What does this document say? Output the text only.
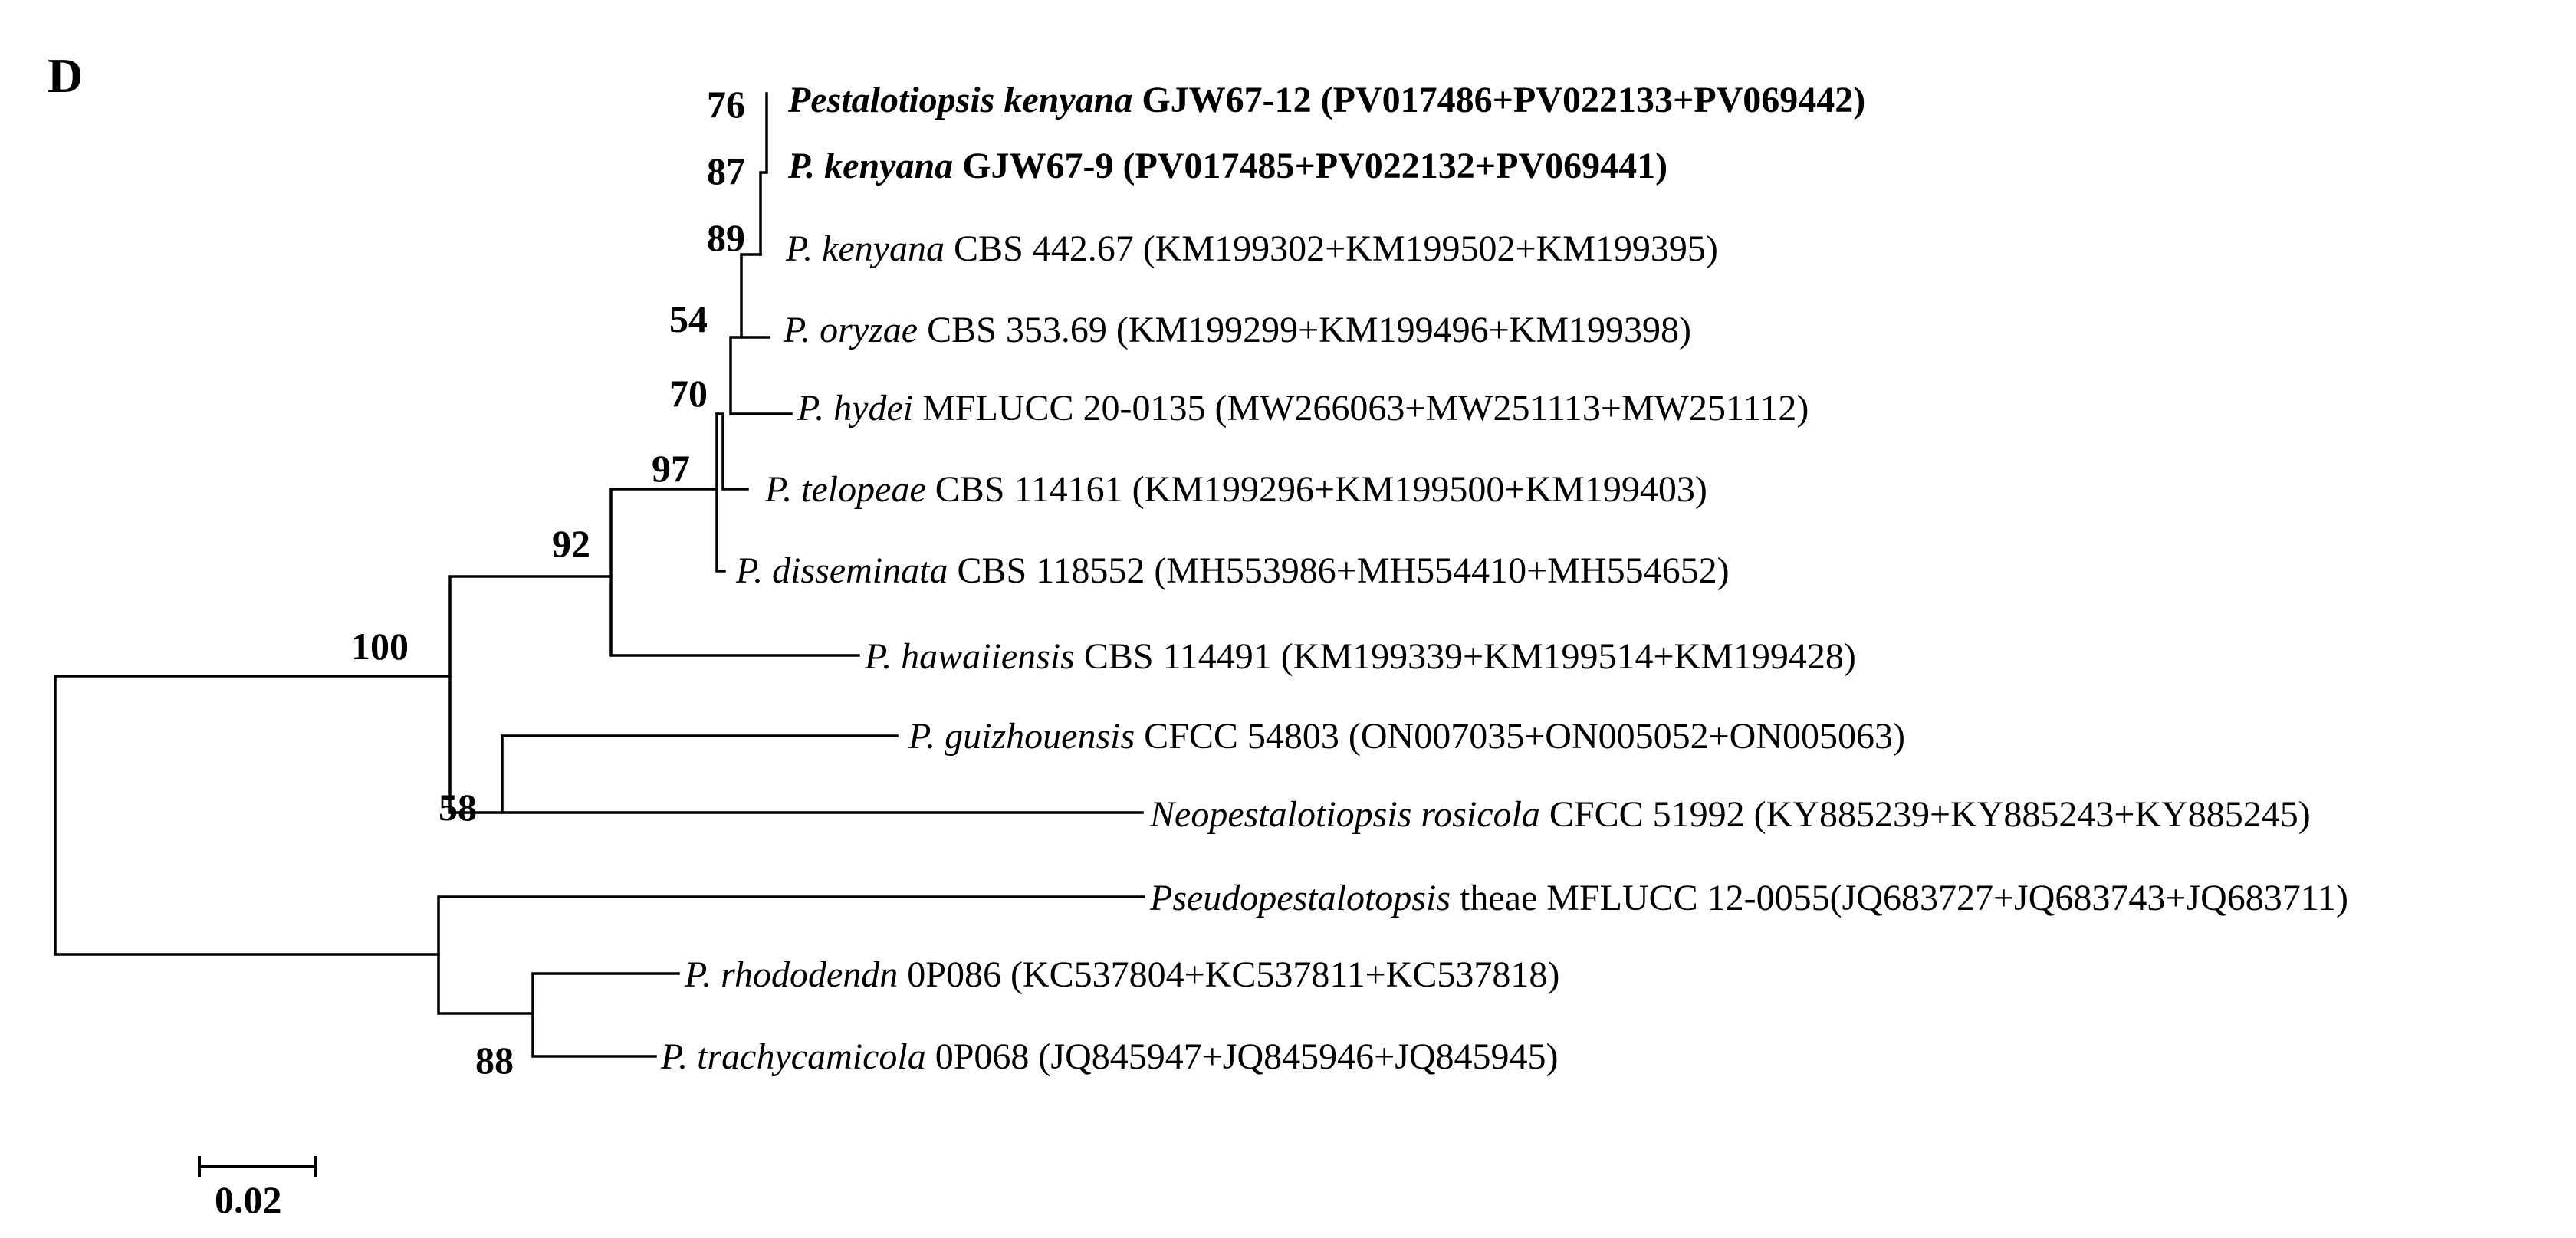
D	Pestalotiopsis kenyana GJW67-12 (PV017486+PV022133+PV069442)
P. kenyana GJW67-9 (PV017485+PV022132+PV069441)
P. kenyana CBS 442.67 (KM199302+KM199502+KM199395)
P. oryzae CBS 353.69 (KM199299+KM199496+KM199398)
P. hydei MFLUCC 20-0135 (MW266063+MW251113+MW251112)
P. telopeae CBS 114161 (KM199296+KM199500+KM199403)
P. disseminata CBS 118552 (MH553986+MH554410+MH554652)
P. hawaiiensis CBS 114491 (KM199339+KM199514+KM199428)
P. guizhouensis CFCC 54803 (ON007035+ON005052+ON005063)
Neopestalotiopsis rosicola CFCC 51992 (KY885239+KY885243+KY885245)
Pseudopestalotopsis theae MFLUCC 12-0055(JQ683727+JQ683743+JQ683711)
P. rhododendn 0P086 (KC537804+KC537811+KC537818)
P. trachycamicola 0P068 (JQ845947+JQ845946+JQ845945)
76
87
89
54
70
97
92
100
58
88
0.02
